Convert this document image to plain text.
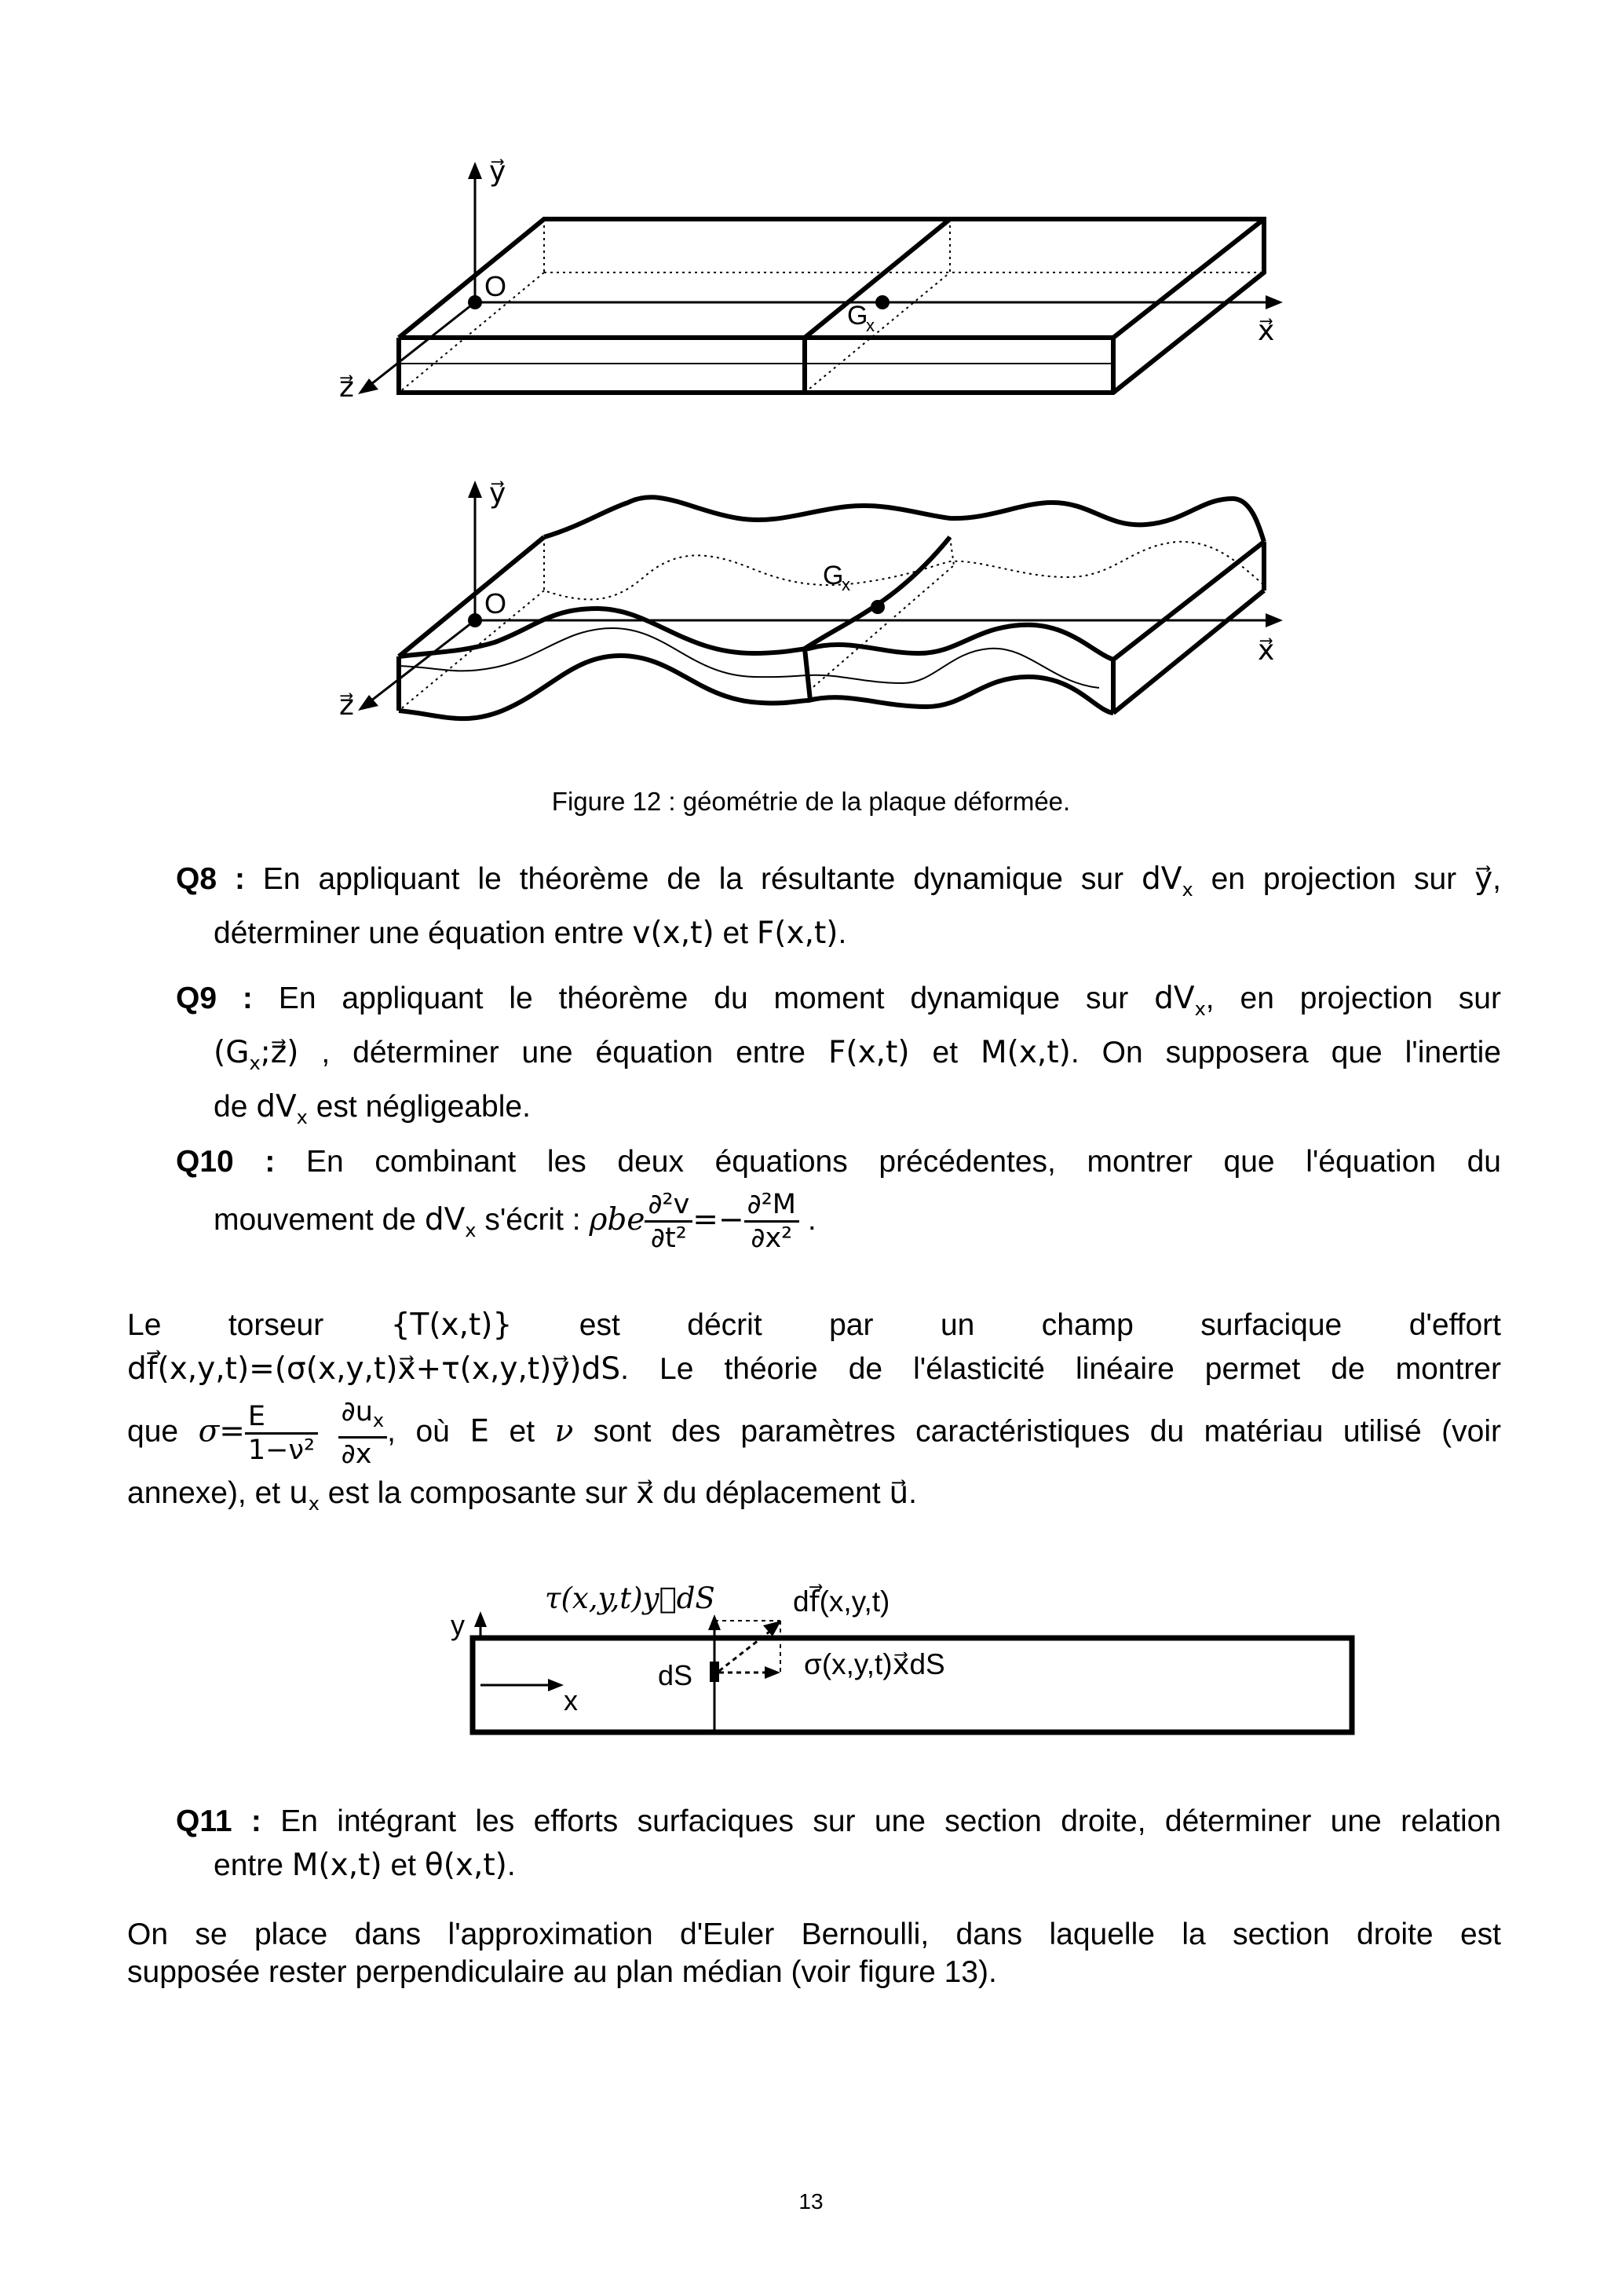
y⃗
x⃗
z⃗
O
G
x
y⃗
x⃗
z⃗
O
G
x
Figure 12 : géométrie de la plaque déformée.
Q8 : En appliquant le théorème de la résultante dynamique sur $dV_x$ en projection sur y⃗,
déterminer une équation entre v(x,t) et F(x,t).
Q9 : En appliquant le théorème du moment dynamique sur $dV_x$, en projection sur
$(G_x;z⃗)$ , déterminer une équation entre F(x,t) et M(x,t). On supposera que l'inertie
de $dV_x$ est négligeable.
Q10 : En combinant les deux équations précédentes, montrer que l'équation du
mouvement de $dV_x$ s'écrit : ρbe $\frac{\text{∂²v}}{\text{∂t²}} =- \frac{\text{∂²M}}{\text{∂x²}}$ .
Le torseur {T(x,t)} est décrit par un champ surfacique d'effort
df⃗(x,y,t)=(σ(x,y,t)x⃗+τ(x,y,t)y⃗)dS. Le théorie de l'élasticité linéaire permet de montrer
que $\sigma= \frac{E}{\text{1−ν²}}$
$\frac{\partial u_x}{\partial x}$ , où E et ν sont des paramètres caractéristiques du matériau utilisé (voir
annexe), et $u_x$ est la composante sur x⃗ du déplacement u⃗.
τ(x,y,t)y⃗dS	df⃗(x,y,t)
σ(x,y,t)x⃗dS
dS
y
x
Q11 : En intégrant les efforts surfaciques sur une section droite, déterminer une relation
entre M(x,t) et θ(x,t).
On se place dans l'approximation d'Euler Bernoulli, dans laquelle la section droite est
supposée rester perpendiculaire au plan médian (voir figure 13).
13
